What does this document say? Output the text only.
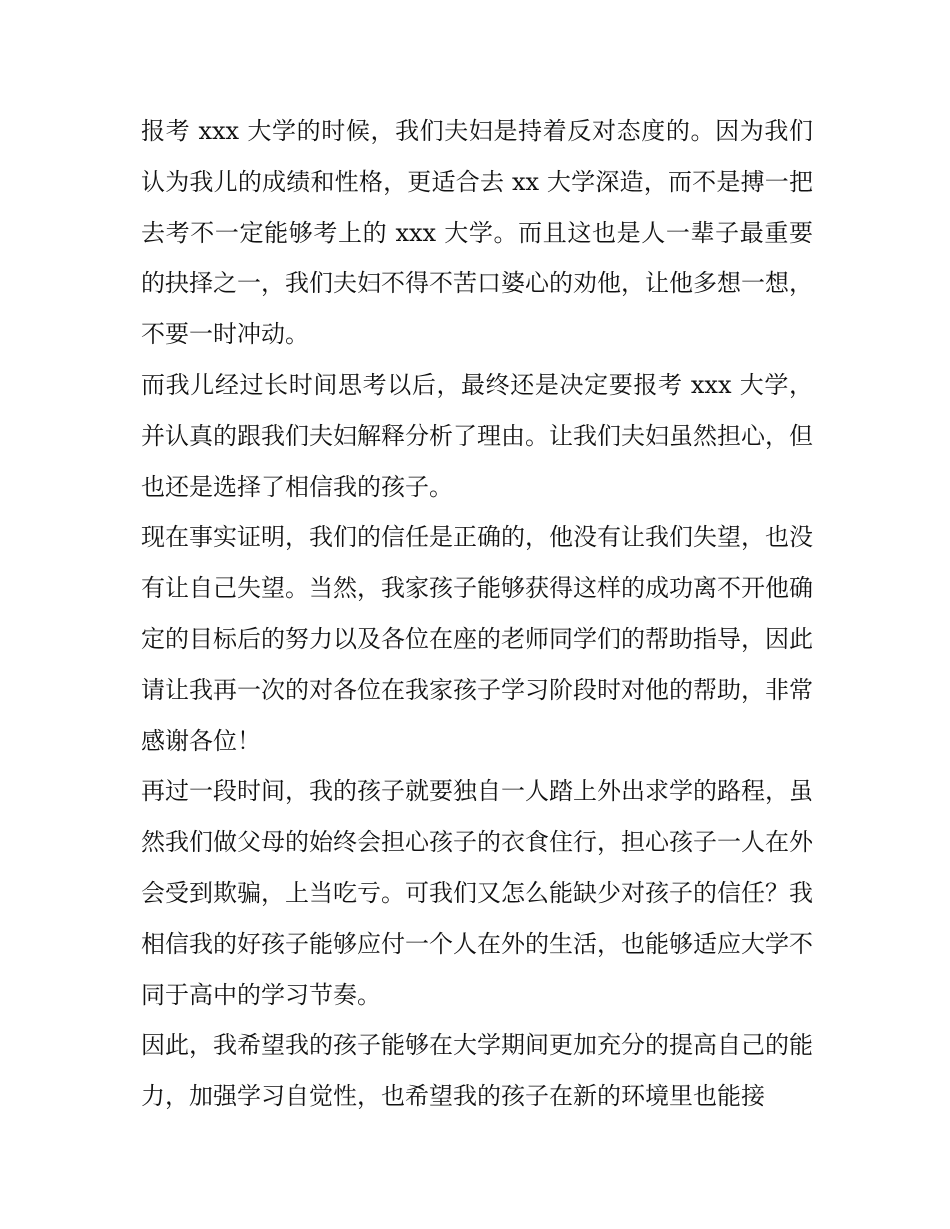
报考 xxx 大学的时候，我们夫妇是持着反对态度的。因为我们认为我儿的成绩和性格，更适合去 xx 大学深造，而不是搏一把去考不一定能够考上的 xxx 大学。而且这也是人一辈子最重要的抉择之一，我们夫妇不得不苦口婆心的劝他，让他多想一想，不要一时冲动。

而我儿经过长时间思考以后，最终还是决定要报考 xxx 大学，并认真的跟我们夫妇解释分析了理由。让我们夫妇虽然担心，但也还是选择了相信我的孩子。

现在事实证明，我们的信任是正确的，他没有让我们失望，也没有让自己失望。当然，我家孩子能够获得这样的成功离不开他确定的目标后的努力以及各位在座的老师同学们的帮助指导，因此请让我再一次的对各位在我家孩子学习阶段时对他的帮助，非常感谢各位！

再过一段时间，我的孩子就要独自一人踏上外出求学的路程，虽然我们做父母的始终会担心孩子的衣食住行，担心孩子一人在外会受到欺骗，上当吃亏。可我们又怎么能缺少对孩子的信任？我相信我的好孩子能够应付一个人在外的生活，也能够适应大学不同于高中的学习节奏。

因此，我希望我的孩子能够在大学期间更加充分的提高自己的能力，加强学习自觉性，也希望我的孩子在新的环境里也能接
